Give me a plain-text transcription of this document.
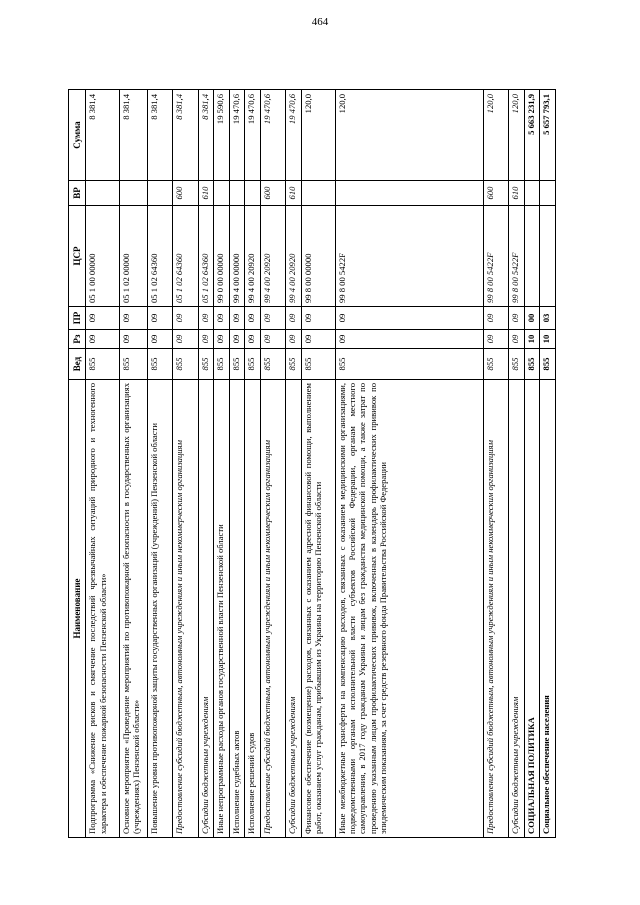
464
Наименование	Вед	Рз	ПР	ЦСР	ВР	Сумма
Подпрограмма «Снижение рисков и смягчение последствий чрезвычайных ситуаций природного и техногенного характера и обеспечение пожарной безопасности Пензенской области»	855	09	09	05 1 00 00000		8 381,4
Основное мероприятие «Проведение мероприятий по противопожарной безопасности в государственных организациях (учреждениях) Пензенской области»	855	09	09	05 1 02 00000		8 381,4
Повышение уровня противопожарной защиты государственных организаций (учреждений) Пензенской области	855	09	09	05 1 02 64360		8 381,4
Предоставление субсидий бюджетным, автономным учреждениям и иным некоммерческим организациям	855	09	09	05 1 02 64360	600	8 381,4
Субсидии бюджетным учреждениям	855	09	09	05 1 02 64360	610	8 381,4
Иные непрограммные расходы органов государственной власти Пензенской области	855	09	09	99 0 00 00000		19 590,6
Исполнение судебных актов	855	09	09	99 4 00 00000		19 470,6
Исполнение решений судов	855	09	09	99 4 00 20920		19 470,6
Предоставление субсидий бюджетным, автономным учреждениям и иным некоммерческим организациям	855	09	09	99 4 00 20920	600	19 470,6
Субсидии бюджетным учреждениям	855	09	09	99 4 00 20920	610	19 470,6
Финансовое обеспечение (возмещение) расходов, связанных с оказанием адресной финансовой помощи, выполнением работ, оказанием услуг гражданам, прибывшим из Украины на территорию Пензенской области	855	09	09	99 8 00 00000		120,0
Иные межбюджетные трансферты на компенсацию расходов, связанных с оказанием медицинскими организациями, подведомственными органам исполнительной власти субъектов Российской Федерации, органам местного самоуправления, в 2017 году гражданам Украины и лицам без гражданства медицинской помощи, а также затрат по проведению указанным лицам профилактических прививок, включенных в календарь профилактических прививок по эпидемическим показаниям, за счет средств резервного фонда Правительства Российской Федерации	855	09	09	99 8 00 5422F		120,0
Предоставление субсидий бюджетным, автономным учреждениям и иным некоммерческим организациям	855	09	09	99 8 00 5422F	600	120,0
Субсидии бюджетным учреждениям	855	09	09	99 8 00 5422F	610	120,0
СОЦИАЛЬНАЯ ПОЛИТИКА	855	10	00			5 663 231,9
Социальное обеспечение населения	855	10	03			5 657 793,1
